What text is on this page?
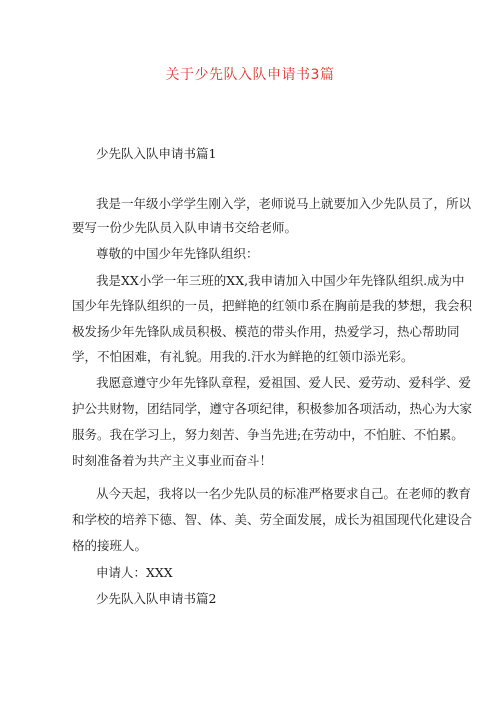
关于少先队入队申请书3篇
少先队入队申请书篇1
我是一年级小学学生刚入学，老师说马上就要加入少先队员了，所以
要写一份少先队员入队申请书交给老师。
尊敬的中国少年先锋队组织：
我是XX小学一年三班的XX,我申请加入中国少年先锋队组织.成为中
国少年先锋队组织的一员，把鲜艳的红领巾系在胸前是我的梦想，我会积
极发扬少年先锋队成员积极、模范的带头作用，热爱学习，热心帮助同
学，不怕困难，有礼貌。用我的.汗水为鲜艳的红领巾添光彩。
我愿意遵守少年先锋队章程，爱祖国、爱人民、爱劳动、爱科学、爱
护公共财物，团结同学，遵守各项纪律，积极参加各项活动，热心为大家
服务。我在学习上，努力刻苦、争当先进;在劳动中，不怕脏、不怕累。
时刻准备着为共产主义事业而奋斗！
从今天起，我将以一名少先队员的标准严格要求自己。在老师的教育
和学校的培养下德、智、体、美、劳全面发展，成长为祖国现代化建设合
格的接班人。
申请人：XXX
少先队入队申请书篇2
